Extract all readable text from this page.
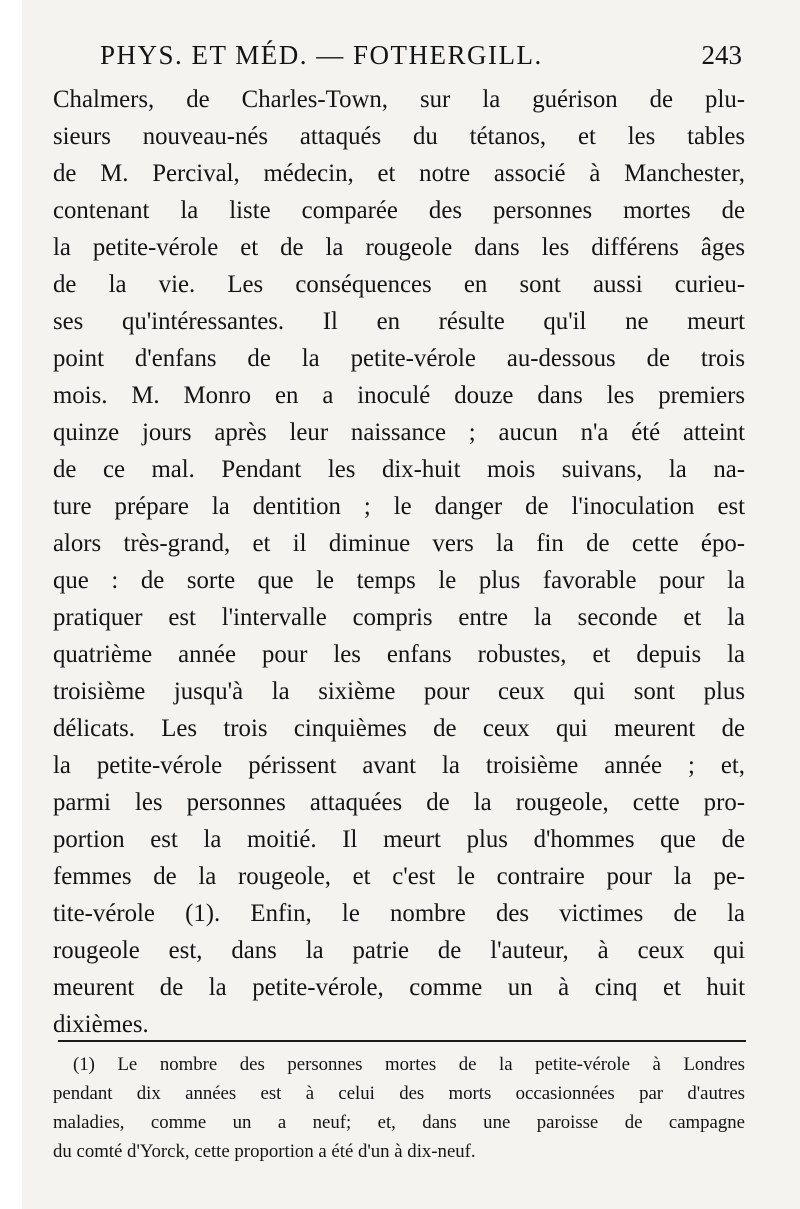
PHYS. ET MÉD. — FOTHERGILL.	243
Chalmers, de Charles-Town, sur la guérison de plu-
sieurs nouveau-nés attaqués du tétanos, et les tables
de M. Percival, médecin, et notre associé à Manchester,
contenant la liste comparée des personnes mortes de
la petite-vérole et de la rougeole dans les différens âges
de la vie. Les conséquences en sont aussi curieu-
ses qu'intéressantes. Il en résulte qu'il ne meurt
point d'enfans de la petite-vérole au-dessous de trois
mois. M. Monro en a inoculé douze dans les premiers
quinze jours après leur naissance ; aucun n'a été atteint
de ce mal. Pendant les dix-huit mois suivans, la na-
ture prépare la dentition ; le danger de l'inoculation est
alors très-grand, et il diminue vers la fin de cette épo-
que : de sorte que le temps le plus favorable pour la
pratiquer est l'intervalle compris entre la seconde et la
quatrième année pour les enfans robustes, et depuis la
troisième jusqu'à la sixième pour ceux qui sont plus
délicats. Les trois cinquièmes de ceux qui meurent de
la petite-vérole périssent avant la troisième année ; et,
parmi les personnes attaquées de la rougeole, cette pro-
portion est la moitié. Il meurt plus d'hommes que de
femmes de la rougeole, et c'est le contraire pour la pe-
tite-vérole (1). Enfin, le nombre des victimes de la
rougeole est, dans la patrie de l'auteur, à ceux qui
meurent de la petite-vérole, comme un à cinq et huit
dixièmes.
(1) Le nombre des personnes mortes de la petite-vérole à Londres
pendant dix années est à celui des morts occasionnées par d'autres
maladies, comme un a neuf; et, dans une paroisse de campagne
du comté d'Yorck, cette proportion a été d'un à dix-neuf.
